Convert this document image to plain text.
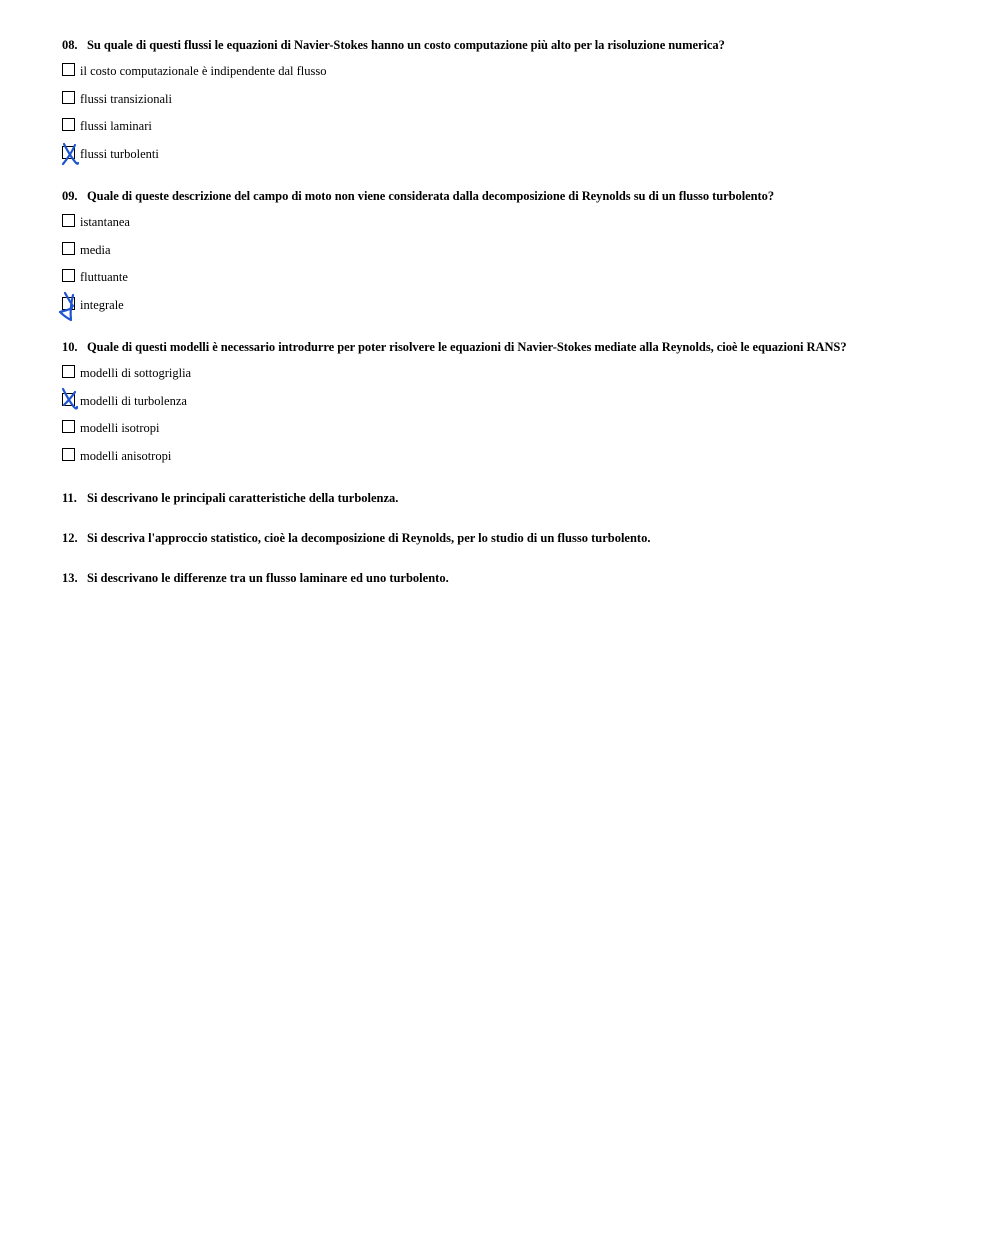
08. Su quale di questi flussi le equazioni di Navier-Stokes hanno un costo computazione più alto per la risoluzione numerica?
il costo computazionale è indipendente dal flusso
flussi transizionali
flussi laminari
flussi turbolenti
09. Quale di queste descrizione del campo di moto non viene considerata dalla decomposizione di Reynolds su di un flusso turbolento?
istantanea
media
fluttuante
integrale
10. Quale di questi modelli è necessario introdurre per poter risolvere le equazioni di Navier-Stokes mediate alla Reynolds, cioè le equazioni RANS?
modelli di sottogriglia
modelli di turbolenza
modelli isotropi
modelli anisotropi
11. Si descrivano le principali caratteristiche della turbolenza.
12. Si descriva l'approccio statistico, cioè la decomposizione di Reynolds, per lo studio di un flusso turbolento.
13. Si descrivano le differenze tra un flusso laminare ed uno turbolento.
